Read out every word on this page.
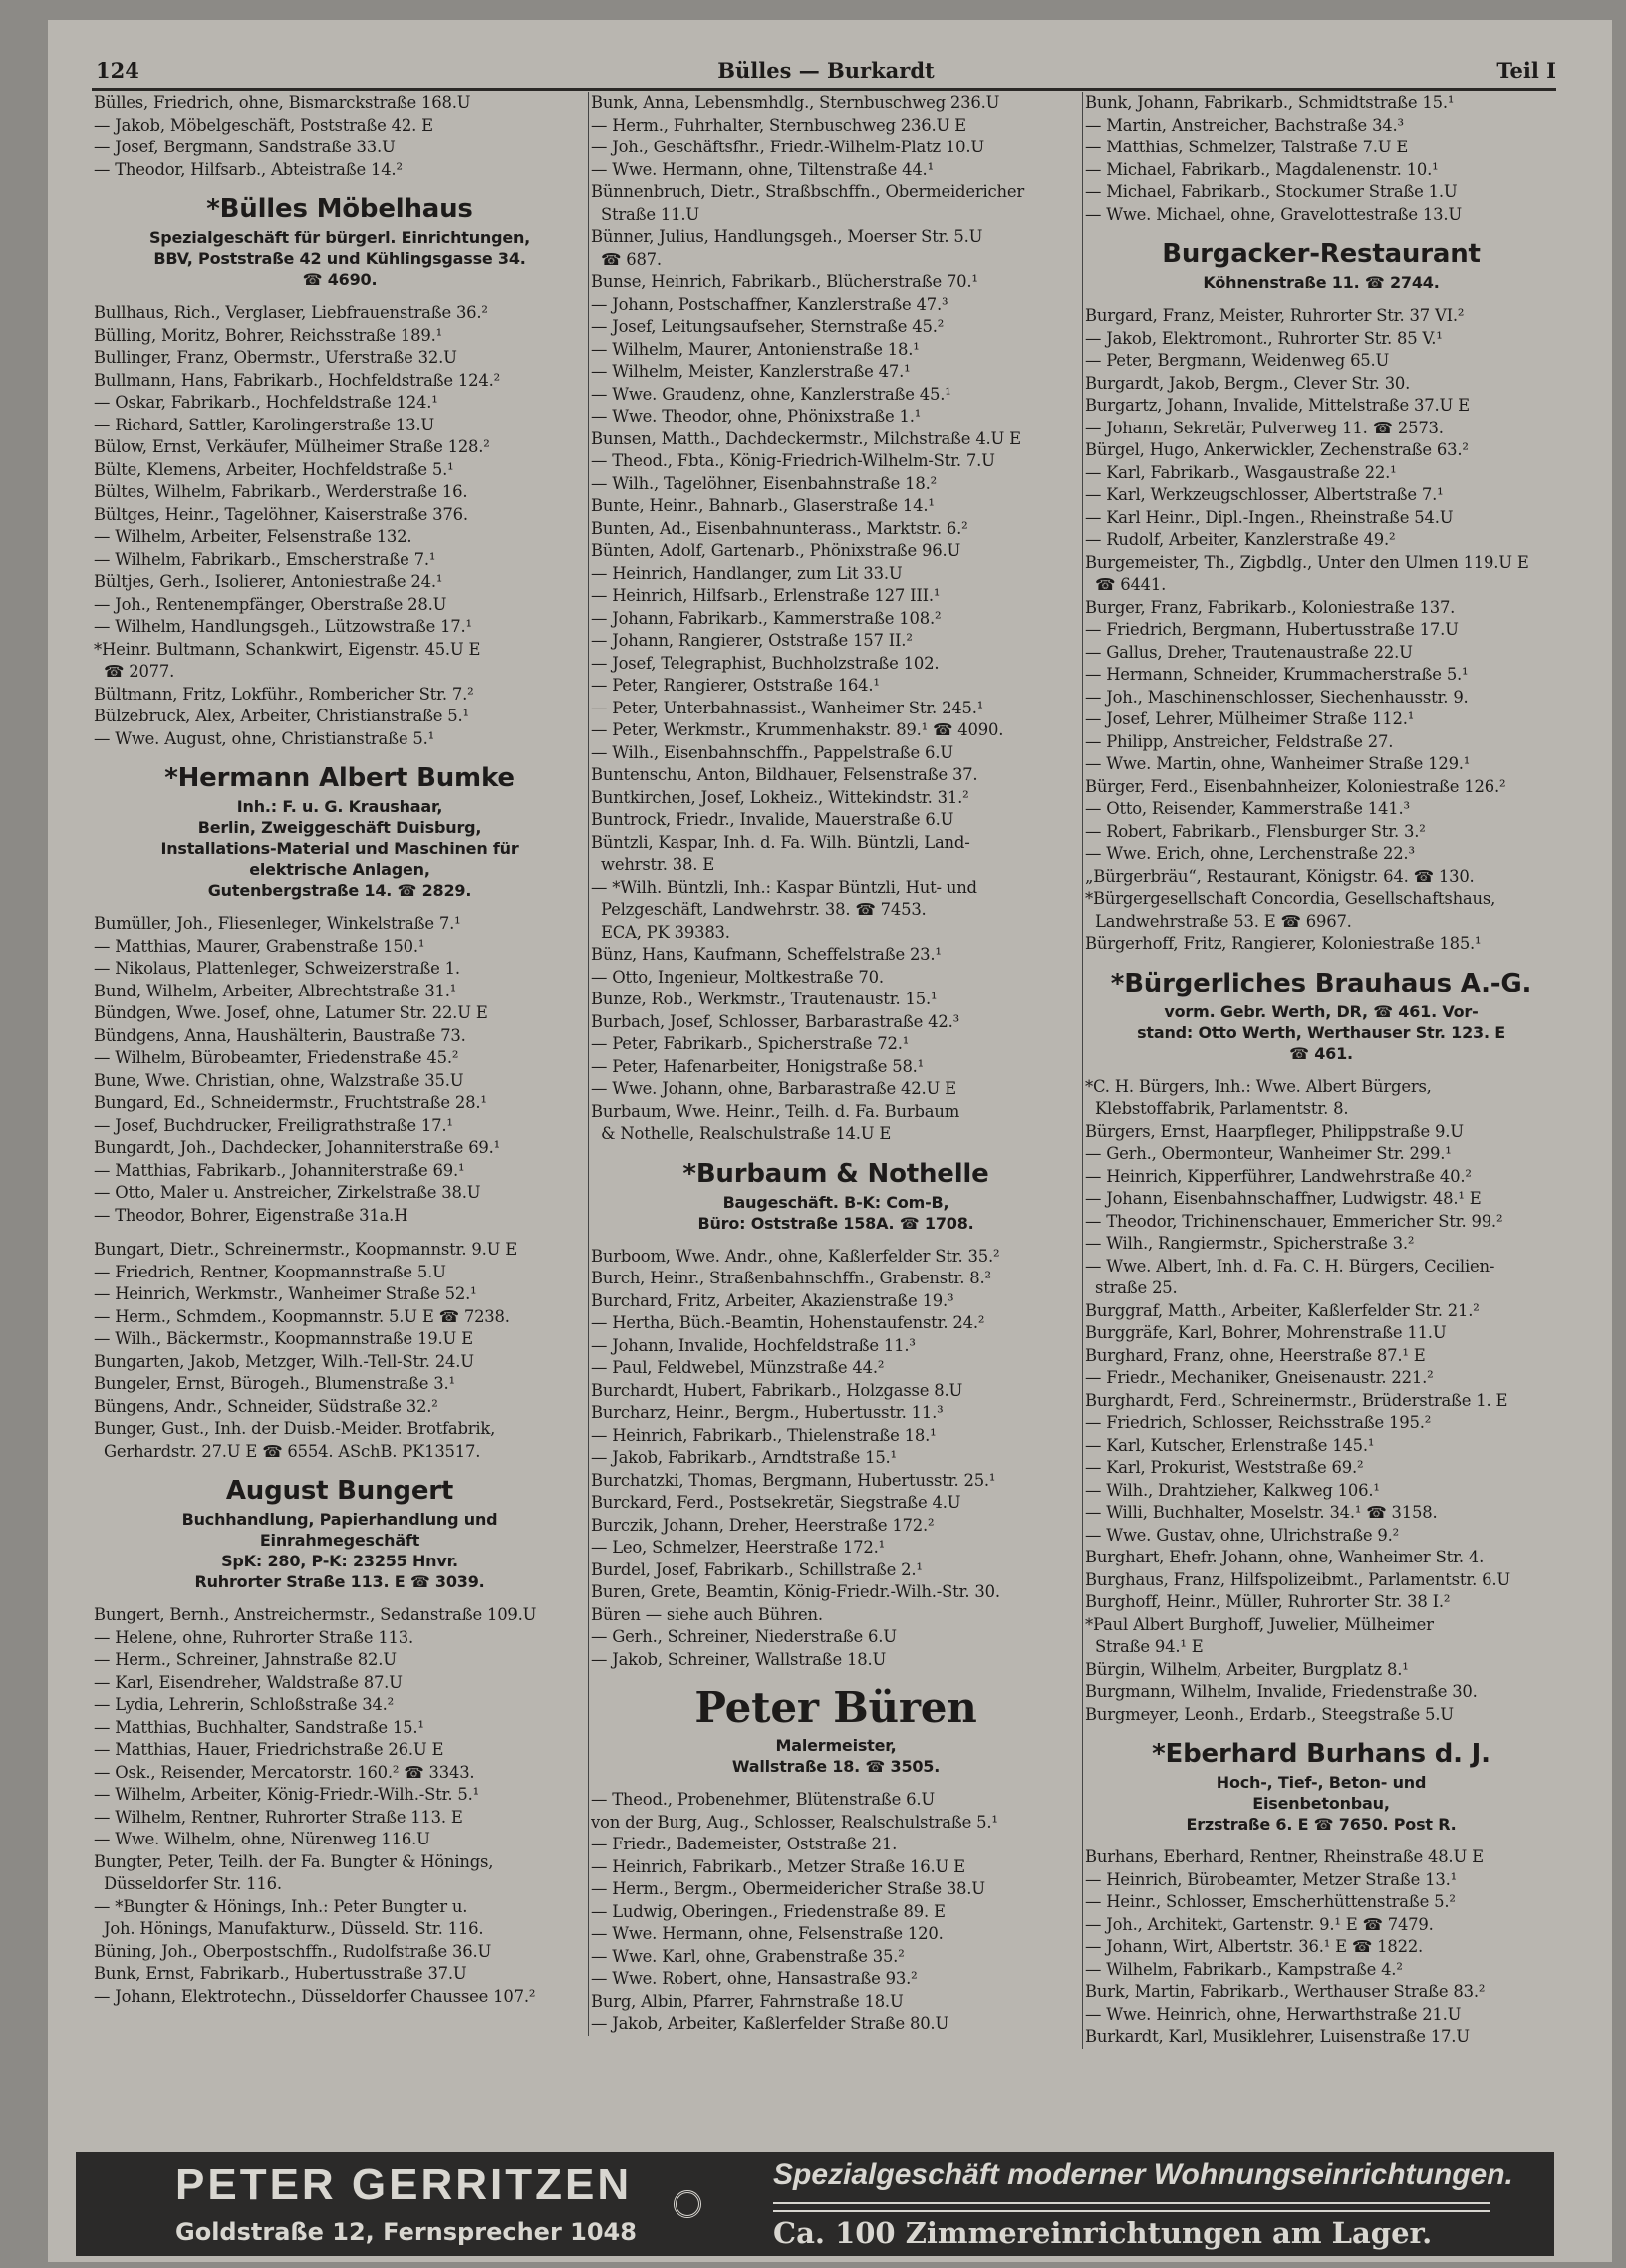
124	Bülles — Burkardt	Teil I
Bülles, Friedrich, ohne, Bismarckstraße 168.U
— Jakob, Möbelgeschäft, Poststraße 42. E
— Josef, Bergmann, Sandstraße 33.U
— Theodor, Hilfsarb., Abteistraße 14.²
*Bülles Möbelhaus
Spezialgeschäft für bürgerl. Einrichtungen,
BBV, Poststraße 42 und Kühlingsgasse 34.
☎ 4690.
Bullhaus, Rich., Verglaser, Liebfrauenstraße 36.²
Bülling, Moritz, Bohrer, Reichsstraße 189.¹
Bullinger, Franz, Obermstr., Uferstraße 32.U
Bullmann, Hans, Fabrikarb., Hochfeldstraße 124.²
— Oskar, Fabrikarb., Hochfeldstraße 124.¹
— Richard, Sattler, Karolingerstraße 13.U
Bülow, Ernst, Verkäufer, Mülheimer Straße 128.²
Bülte, Klemens, Arbeiter, Hochfeldstraße 5.¹
Bültes, Wilhelm, Fabrikarb., Werderstraße 16.
Bültges, Heinr., Tagelöhner, Kaiserstraße 376.
— Wilhelm, Arbeiter, Felsenstraße 132.
— Wilhelm, Fabrikarb., Emscherstraße 7.¹
Bültjes, Gerh., Isolierer, Antoniestraße 24.¹
— Joh., Rentenempfänger, Oberstraße 28.U
— Wilhelm, Handlungsgeh., Lützowstraße 17.¹
*Heinr. Bultmann, Schankwirt, Eigenstr. 45.U E
☎ 2077.
Bültmann, Fritz, Lokführ., Rombericher Str. 7.²
Bülzebruck, Alex, Arbeiter, Christianstraße 5.¹
— Wwe. August, ohne, Christianstraße 5.¹
*Hermann Albert Bumke
Inh.: F. u. G. Kraushaar,
Berlin, Zweiggeschäft Duisburg,
Installations-Material und Maschinen für
elektrische Anlagen,
Gutenbergstraße 14. ☎ 2829.
Bumüller, Joh., Fliesenleger, Winkelstraße 7.¹
— Matthias, Maurer, Grabenstraße 150.¹
— Nikolaus, Plattenleger, Schweizerstraße 1.
Bund, Wilhelm, Arbeiter, Albrechtstraße 31.¹
Bündgen, Wwe. Josef, ohne, Latumer Str. 22.U E
Bündgens, Anna, Haushälterin, Baustraße 73.
— Wilhelm, Bürobeamter, Friedenstraße 45.²
Bune, Wwe. Christian, ohne, Walzstraße 35.U
Bungard, Ed., Schneidermstr., Fruchtstraße 28.¹
— Josef, Buchdrucker, Freiligrathstraße 17.¹
Bungardt, Joh., Dachdecker, Johanniterstraße 69.¹
— Matthias, Fabrikarb., Johanniterstraße 69.¹
— Otto, Maler u. Anstreicher, Zirkelstraße 38.U
— Theodor, Bohrer, Eigenstraße 31a.H
Bungart, Dietr., Schreinermstr., Koopmannstr. 9.U E
— Friedrich, Rentner, Koopmannstraße 5.U
— Heinrich, Werkmstr., Wanheimer Straße 52.¹
— Herm., Schmdem., Koopmannstr. 5.U E ☎ 7238.
— Wilh., Bäckermstr., Koopmannstraße 19.U E
Bungarten, Jakob, Metzger, Wilh.-Tell-Str. 24.U
Bungeler, Ernst, Bürogeh., Blumenstraße 3.¹
Büngens, Andr., Schneider, Südstraße 32.²
Bunger, Gust., Inh. der Duisb.-Meider. Brotfabrik,
Gerhardstr. 27.U E ☎ 6554. ASchB. PK13517.
August Bungert
Buchhandlung, Papierhandlung und
Einrahmegeschäft
SpK: 280, P-K: 23255 Hnvr.
Ruhrorter Straße 113. E ☎ 3039.
Bungert, Bernh., Anstreichermstr., Sedanstraße 109.U
— Helene, ohne, Ruhrorter Straße 113.
— Herm., Schreiner, Jahnstraße 82.U
— Karl, Eisendreher, Waldstraße 87.U
— Lydia, Lehrerin, Schloßstraße 34.²
— Matthias, Buchhalter, Sandstraße 15.¹
— Matthias, Hauer, Friedrichstraße 26.U E
— Osk., Reisender, Mercatorstr. 160.² ☎ 3343.
— Wilhelm, Arbeiter, König-Friedr.-Wilh.-Str. 5.¹
— Wilhelm, Rentner, Ruhrorter Straße 113. E
— Wwe. Wilhelm, ohne, Nürenweg 116.U
Bungter, Peter, Teilh. der Fa. Bungter & Hönings,
Düsseldorfer Str. 116.
— *Bungter & Hönings, Inh.: Peter Bungter u.
Joh. Hönings, Manufakturw., Düsseld. Str. 116.
Büning, Joh., Oberpostschffn., Rudolfstraße 36.U
Bunk, Ernst, Fabrikarb., Hubertusstraße 37.U
— Johann, Elektrotechn., Düsseldorfer Chaussee 107.²
Bunk, Anna, Lebensmhdlg., Sternbuschweg 236.U
— Herm., Fuhrhalter, Sternbuschweg 236.U E
— Joh., Geschäftsfhr., Friedr.-Wilhelm-Platz 10.U
— Wwe. Hermann, ohne, Tiltenstraße 44.¹
Bünnenbruch, Dietr., Straßbschffn., Obermeidericher
Straße 11.U
Bünner, Julius, Handlungsgeh., Moerser Str. 5.U
☎ 687.
Bunse, Heinrich, Fabrikarb., Blücherstraße 70.¹
— Johann, Postschaffner, Kanzlerstraße 47.³
— Josef, Leitungsaufseher, Sternstraße 45.²
— Wilhelm, Maurer, Antonienstraße 18.¹
— Wilhelm, Meister, Kanzlerstraße 47.¹
— Wwe. Graudenz, ohne, Kanzlerstraße 45.¹
— Wwe. Theodor, ohne, Phönixstraße 1.¹
Bunsen, Matth., Dachdeckermstr., Milchstraße 4.U E
— Theod., Fbta., König-Friedrich-Wilhelm-Str. 7.U
— Wilh., Tagelöhner, Eisenbahnstraße 18.²
Bunte, Heinr., Bahnarb., Glaserstraße 14.¹
Bunten, Ad., Eisenbahnunterass., Marktstr. 6.²
Bünten, Adolf, Gartenarb., Phönixstraße 96.U
— Heinrich, Handlanger, zum Lit 33.U
— Heinrich, Hilfsarb., Erlenstraße 127 III.¹
— Johann, Fabrikarb., Kammerstraße 108.²
— Johann, Rangierer, Oststraße 157 II.²
— Josef, Telegraphist, Buchholzstraße 102.
— Peter, Rangierer, Oststraße 164.¹
— Peter, Unterbahnassist., Wanheimer Str. 245.¹
— Peter, Werkmstr., Krummenhakstr. 89.¹ ☎ 4090.
— Wilh., Eisenbahnschffn., Pappelstraße 6.U
Buntenschu, Anton, Bildhauer, Felsenstraße 37.
Buntkirchen, Josef, Lokheiz., Wittekindstr. 31.²
Buntrock, Friedr., Invalide, Mauerstraße 6.U
Büntzli, Kaspar, Inh. d. Fa. Wilh. Büntzli, Land-
wehrstr. 38. E
— *Wilh. Büntzli, Inh.: Kaspar Büntzli, Hut- und
Pelzgeschäft, Landwehrstr. 38. ☎ 7453.
ECA, PK 39383.
Bünz, Hans, Kaufmann, Scheffelstraße 23.¹
— Otto, Ingenieur, Moltkestraße 70.
Bunze, Rob., Werkmstr., Trautenaustr. 15.¹
Burbach, Josef, Schlosser, Barbarastraße 42.³
— Peter, Fabrikarb., Spicherstraße 72.¹
— Peter, Hafenarbeiter, Honigstraße 58.¹
— Wwe. Johann, ohne, Barbarastraße 42.U E
Burbaum, Wwe. Heinr., Teilh. d. Fa. Burbaum
& Nothelle, Realschulstraße 14.U E
*Burbaum & Nothelle
Baugeschäft. B-K: Com-B,
Büro: Oststraße 158A. ☎ 1708.
Burboom, Wwe. Andr., ohne, Kaßlerfelder Str. 35.²
Burch, Heinr., Straßenbahnschffn., Grabenstr. 8.²
Burchard, Fritz, Arbeiter, Akazienstraße 19.³
— Hertha, Büch.-Beamtin, Hohenstaufenstr. 24.²
— Johann, Invalide, Hochfeldstraße 11.³
— Paul, Feldwebel, Münzstraße 44.²
Burchardt, Hubert, Fabrikarb., Holzgasse 8.U
Burcharz, Heinr., Bergm., Hubertusstr. 11.³
— Heinrich, Fabrikarb., Thielenstraße 18.¹
— Jakob, Fabrikarb., Arndtstraße 15.¹
Burchatzki, Thomas, Bergmann, Hubertusstr. 25.¹
Burckard, Ferd., Postsekretär, Siegstraße 4.U
Burczik, Johann, Dreher, Heerstraße 172.²
— Leo, Schmelzer, Heerstraße 172.¹
Burdel, Josef, Fabrikarb., Schillstraße 2.¹
Buren, Grete, Beamtin, König-Friedr.-Wilh.-Str. 30.
Büren — siehe auch Bühren.
— Gerh., Schreiner, Niederstraße 6.U
— Jakob, Schreiner, Wallstraße 18.U
Peter Büren
Malermeister,
Wallstraße 18. ☎ 3505.
— Theod., Probenehmer, Blütenstraße 6.U
von der Burg, Aug., Schlosser, Realschulstraße 5.¹
— Friedr., Bademeister, Oststraße 21.
— Heinrich, Fabrikarb., Metzer Straße 16.U E
— Herm., Bergm., Obermeidericher Straße 38.U
— Ludwig, Oberingen., Friedenstraße 89. E
— Wwe. Hermann, ohne, Felsenstraße 120.
— Wwe. Karl, ohne, Grabenstraße 35.²
— Wwe. Robert, ohne, Hansastraße 93.²
Burg, Albin, Pfarrer, Fahrnstraße 18.U
— Jakob, Arbeiter, Kaßlerfelder Straße 80.U
Bunk, Johann, Fabrikarb., Schmidtstraße 15.¹
— Martin, Anstreicher, Bachstraße 34.³
— Matthias, Schmelzer, Talstraße 7.U E
— Michael, Fabrikarb., Magdalenenstr. 10.¹
— Michael, Fabrikarb., Stockumer Straße 1.U
— Wwe. Michael, ohne, Gravelottestraße 13.U
Burgacker-Restaurant
Köhnenstraße 11. ☎ 2744.
Burgard, Franz, Meister, Ruhrorter Str. 37 VI.²
— Jakob, Elektromont., Ruhrorter Str. 85 V.¹
— Peter, Bergmann, Weidenweg 65.U
Burgardt, Jakob, Bergm., Clever Str. 30.
Burgartz, Johann, Invalide, Mittelstraße 37.U E
— Johann, Sekretär, Pulverweg 11. ☎ 2573.
Bürgel, Hugo, Ankerwickler, Zechenstraße 63.²
— Karl, Fabrikarb., Wasgaustraße 22.¹
— Karl, Werkzeugschlosser, Albertstraße 7.¹
— Karl Heinr., Dipl.-Ingen., Rheinstraße 54.U
— Rudolf, Arbeiter, Kanzlerstraße 49.²
Burgemeister, Th., Zigbdlg., Unter den Ulmen 119.U E
☎ 6441.
Burger, Franz, Fabrikarb., Koloniestraße 137.
— Friedrich, Bergmann, Hubertusstraße 17.U
— Gallus, Dreher, Trautenaustraße 22.U
— Hermann, Schneider, Krummacherstraße 5.¹
— Joh., Maschinenschlosser, Siechenhausstr. 9.
— Josef, Lehrer, Mülheimer Straße 112.¹
— Philipp, Anstreicher, Feldstraße 27.
— Wwe. Martin, ohne, Wanheimer Straße 129.¹
Bürger, Ferd., Eisenbahnheizer, Koloniestraße 126.²
— Otto, Reisender, Kammerstraße 141.³
— Robert, Fabrikarb., Flensburger Str. 3.²
— Wwe. Erich, ohne, Lerchenstraße 22.³
„Bürgerbräu“, Restaurant, Königstr. 64. ☎ 130.
*Bürgergesellschaft Concordia, Gesellschaftshaus,
Landwehrstraße 53. E ☎ 6967.
Bürgerhoff, Fritz, Rangierer, Koloniestraße 185.¹
*Bürgerliches Brauhaus A.-G.
vorm. Gebr. Werth, DR, ☎ 461. Vor-
stand: Otto Werth, Werthauser Str. 123. E
☎ 461.
*C. H. Bürgers, Inh.: Wwe. Albert Bürgers,
Klebstoffabrik, Parlamentstr. 8.
Bürgers, Ernst, Haarpfleger, Philippstraße 9.U
— Gerh., Obermonteur, Wanheimer Str. 299.¹
— Heinrich, Kipperführer, Landwehrstraße 40.²
— Johann, Eisenbahnschaffner, Ludwigstr. 48.¹ E
— Theodor, Trichinenschauer, Emmericher Str. 99.²
— Wilh., Rangiermstr., Spicherstraße 3.²
— Wwe. Albert, Inh. d. Fa. C. H. Bürgers, Cecilien-
straße 25.
Burggraf, Matth., Arbeiter, Kaßlerfelder Str. 21.²
Burggräfe, Karl, Bohrer, Mohrenstraße 11.U
Burghard, Franz, ohne, Heerstraße 87.¹ E
— Friedr., Mechaniker, Gneisenaustr. 221.²
Burghardt, Ferd., Schreinermstr., Brüderstraße 1. E
— Friedrich, Schlosser, Reichsstraße 195.²
— Karl, Kutscher, Erlenstraße 145.¹
— Karl, Prokurist, Weststraße 69.²
— Wilh., Drahtzieher, Kalkweg 106.¹
— Willi, Buchhalter, Moselstr. 34.¹ ☎ 3158.
— Wwe. Gustav, ohne, Ulrichstraße 9.²
Burghart, Ehefr. Johann, ohne, Wanheimer Str. 4.
Burghaus, Franz, Hilfspolizeibmt., Parlamentstr. 6.U
Burghoff, Heinr., Müller, Ruhrorter Str. 38 I.²
*Paul Albert Burghoff, Juwelier, Mülheimer
Straße 94.¹ E
Bürgin, Wilhelm, Arbeiter, Burgplatz 8.¹
Burgmann, Wilhelm, Invalide, Friedenstraße 30.
Burgmeyer, Leonh., Erdarb., Steegstraße 5.U
*Eberhard Burhans d. J.
Hoch-, Tief-, Beton- und
Eisenbetonbau,
Erzstraße 6. E ☎ 7650. Post R.
Burhans, Eberhard, Rentner, Rheinstraße 48.U E
— Heinrich, Bürobeamter, Metzer Straße 13.¹
— Heinr., Schlosser, Emscherhüttenstraße 5.²
— Joh., Architekt, Gartenstr. 9.¹ E ☎ 7479.
— Johann, Wirt, Albertstr. 36.¹ E ☎ 1822.
— Wilhelm, Fabrikarb., Kampstraße 4.²
Burk, Martin, Fabrikarb., Werthauser Straße 83.²
— Wwe. Heinrich, ohne, Herwarthstraße 21.U
Burkardt, Karl, Musiklehrer, Luisenstraße 17.U
PETER GERRITZEN
Goldstraße 12, Fernsprecher 1048
Spezialgeschäft moderner Wohnungseinrichtungen.
Ca. 100 Zimmereinrichtungen am Lager.
